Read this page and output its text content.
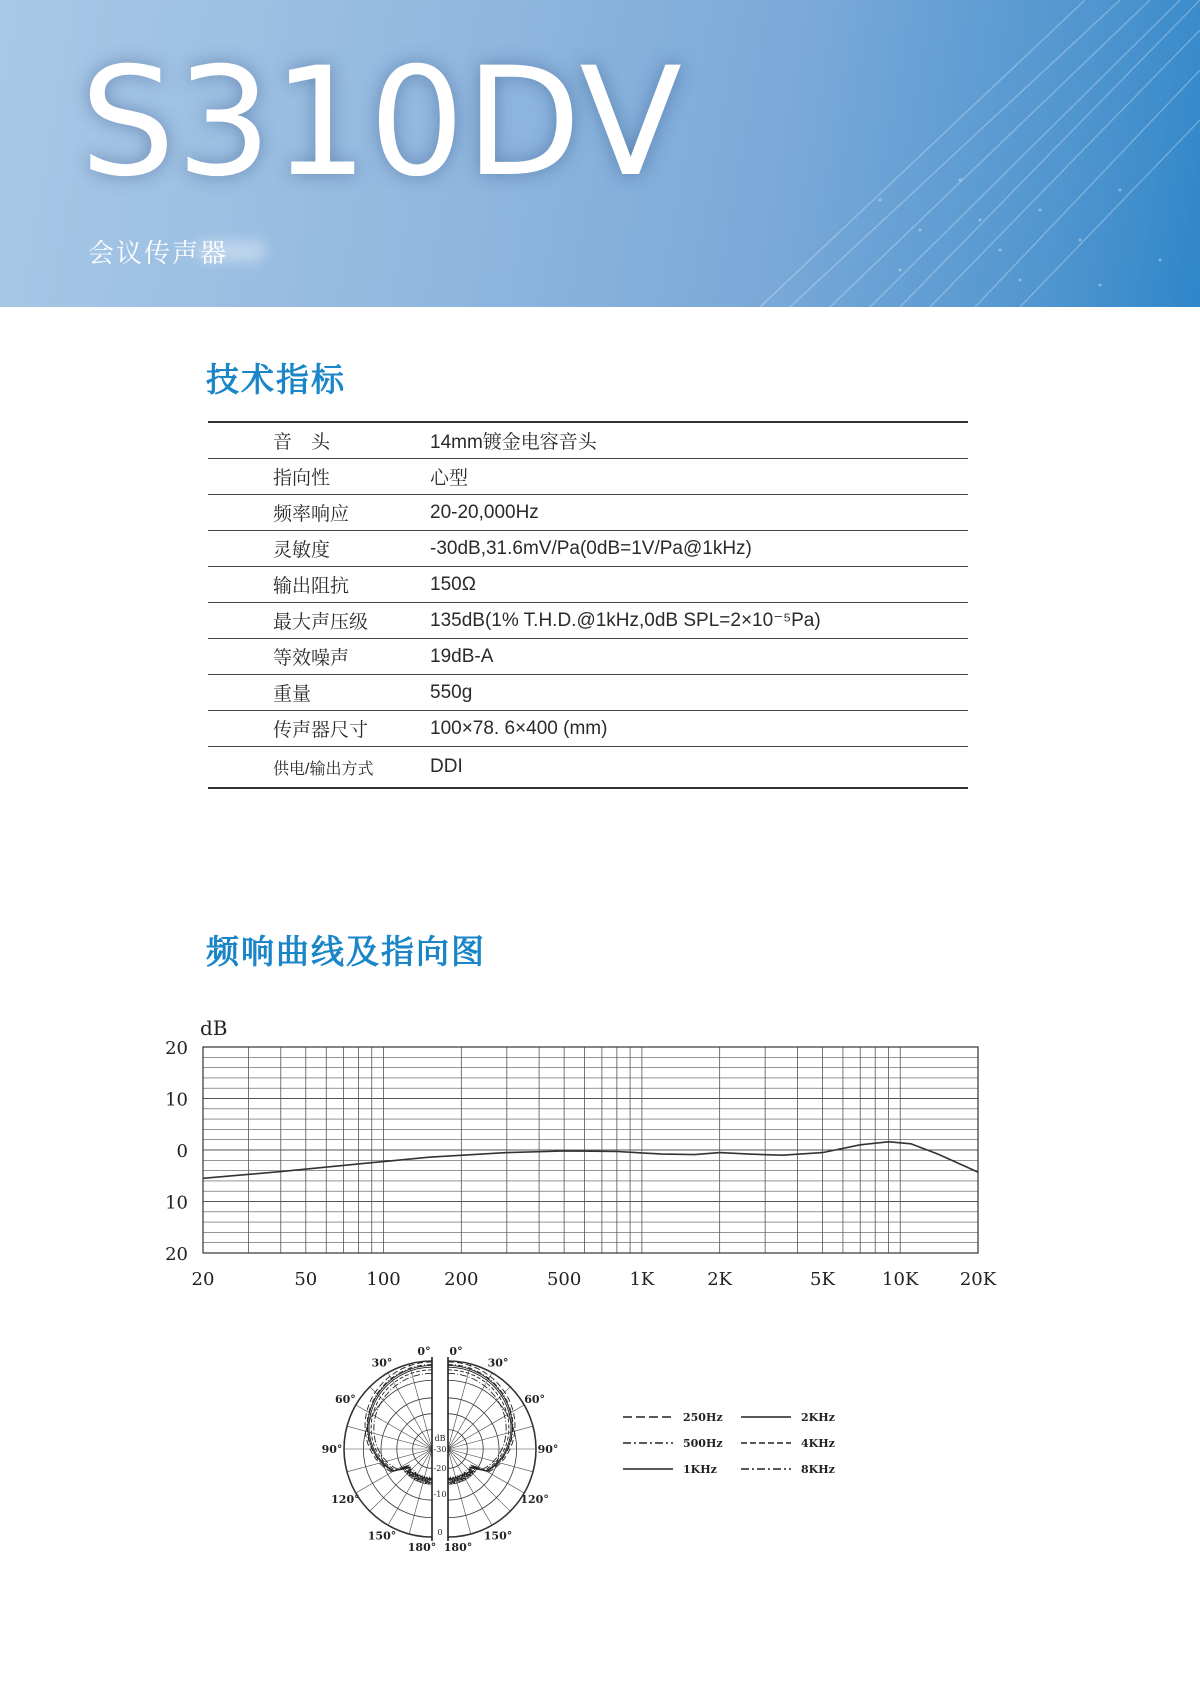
S310DV
会议传声器
技术指标
音　头	14mm镀金电容音头
指向性	心型
频率响应	20-20,000Hz
灵敏度	-30dB,31.6mV/Pa(0dB=1V/Pa@1kHz)
输出阻抗	150Ω
最大声压级	135dB(1% T.H.D.@1kHz,0dB SPL=2×10⁻⁵Pa)
等效噪声	19dB-A
重量	550g
传声器尺寸	100×78. 6×400 (mm)
供电/输出方式	DDI
频响曲线及指向图
20
10
0
10
20
20	50	100 200	500	1K	2K	5K	10K 20K
dB
0°
30°
60°
90°
120°
150°
180°
0°
30°
60°
90°
120°
150°
180°
dB
-30
-20
-10
0
250Hz
500Hz
1KHz
2KHz
4KHz
8KHz
